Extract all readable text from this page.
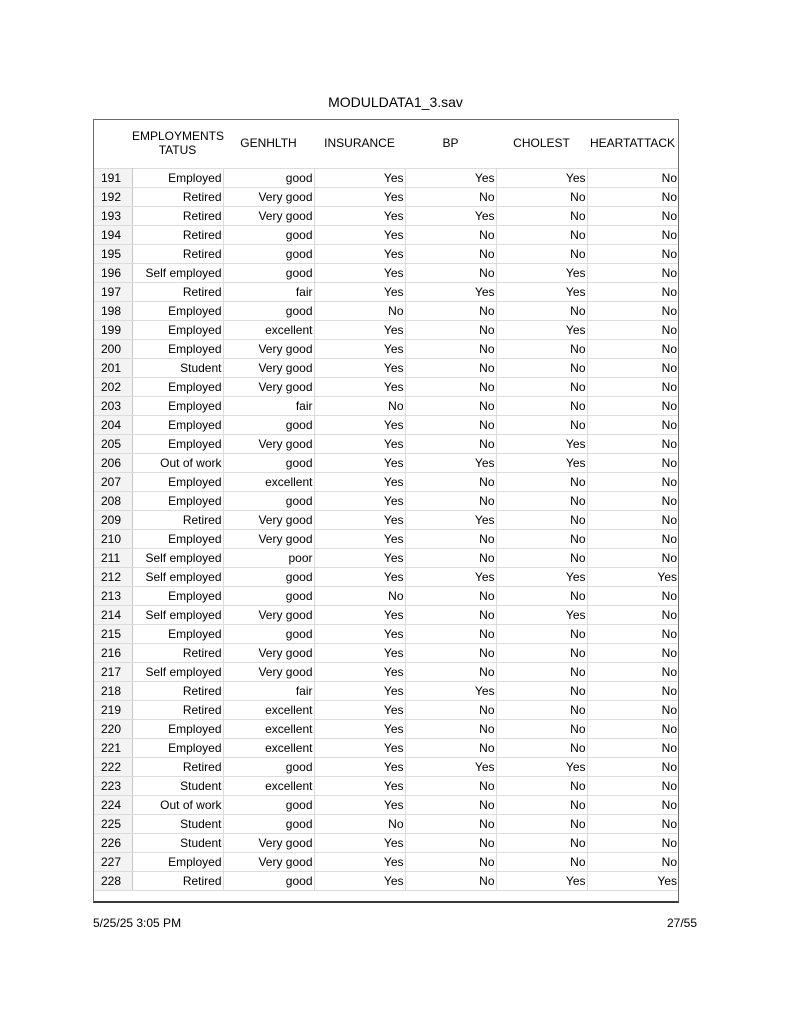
MODULDATA1_3.sav
	EMPLOYMENTS
TATUS	GENHLTH	INSURANCE	BP	CHOLEST	HEARTATTACK
191	Employed	good	Yes	Yes	Yes	No
192	Retired	Very good	Yes	No	No	No
193	Retired	Very good	Yes	Yes	No	No
194	Retired	good	Yes	No	No	No
195	Retired	good	Yes	No	No	No
196	Self employed	good	Yes	No	Yes	No
197	Retired	fair	Yes	Yes	Yes	No
198	Employed	good	No	No	No	No
199	Employed	excellent	Yes	No	Yes	No
200	Employed	Very good	Yes	No	No	No
201	Student	Very good	Yes	No	No	No
202	Employed	Very good	Yes	No	No	No
203	Employed	fair	No	No	No	No
204	Employed	good	Yes	No	No	No
205	Employed	Very good	Yes	No	Yes	No
206	Out of work	good	Yes	Yes	Yes	No
207	Employed	excellent	Yes	No	No	No
208	Employed	good	Yes	No	No	No
209	Retired	Very good	Yes	Yes	No	No
210	Employed	Very good	Yes	No	No	No
211	Self employed	poor	Yes	No	No	No
212	Self employed	good	Yes	Yes	Yes	Yes
213	Employed	good	No	No	No	No
214	Self employed	Very good	Yes	No	Yes	No
215	Employed	good	Yes	No	No	No
216	Retired	Very good	Yes	No	No	No
217	Self employed	Very good	Yes	No	No	No
218	Retired	fair	Yes	Yes	No	No
219	Retired	excellent	Yes	No	No	No
220	Employed	excellent	Yes	No	No	No
221	Employed	excellent	Yes	No	No	No
222	Retired	good	Yes	Yes	Yes	No
223	Student	excellent	Yes	No	No	No
224	Out of work	good	Yes	No	No	No
225	Student	good	No	No	No	No
226	Student	Very good	Yes	No	No	No
227	Employed	Very good	Yes	No	No	No
228	Retired	good	Yes	No	Yes	Yes
5/25/25 3:05 PM	27/55
